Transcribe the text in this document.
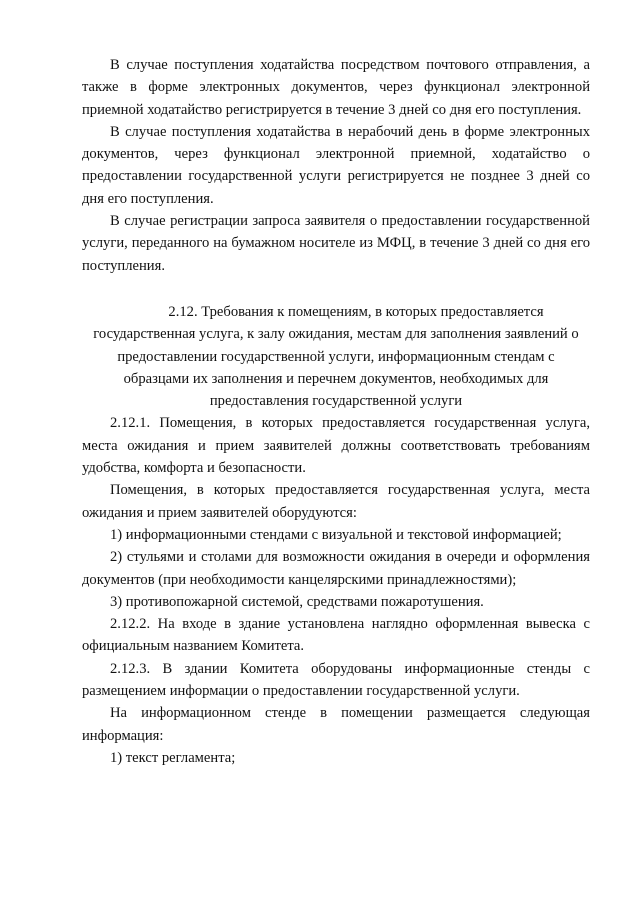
В случае поступления ходатайства посредством почтового отправления, а также в форме электронных документов, через функционал электронной приемной ходатайство регистрируется в течение 3 дней со дня его поступления.

В случае поступления ходатайства в нерабочий день в форме электронных документов, через функционал электронной приемной, ходатайство о предоставлении государственной услуги регистрируется не позднее 3 дней со дня его поступления.

В случае регистрации запроса заявителя о предоставлении государственной услуги, переданного на бумажном носителе из МФЦ, в течение 3 дней со дня его поступления.

2.12. Требования к помещениям, в которых предоставляется
государственная услуга, к залу ожидания, местам для заполнения заявлений о
предоставлении государственной услуги, информационным стендам с
образцами их заполнения и перечнем документов, необходимых для
предоставления государственной услуги

2.12.1. Помещения, в которых предоставляется государственная услуга, места ожидания и прием заявителей должны соответствовать требованиям удобства, комфорта и безопасности.

Помещения, в которых предоставляется государственная услуга, места ожидания и прием заявителей оборудуются:

1) информационными стендами с визуальной и текстовой информацией;

2) стульями и столами для возможности ожидания в очереди и оформления документов (при необходимости канцелярскими принадлежностями);

3) противопожарной системой, средствами пожаротушения.

2.12.2. На входе в здание установлена наглядно оформленная вывеска с официальным названием Комитета.

2.12.3. В здании Комитета оборудованы информационные стенды с размещением информации о предоставлении государственной услуги.

На информационном стенде в помещении размещается следующая информация:

1) текст регламента;
